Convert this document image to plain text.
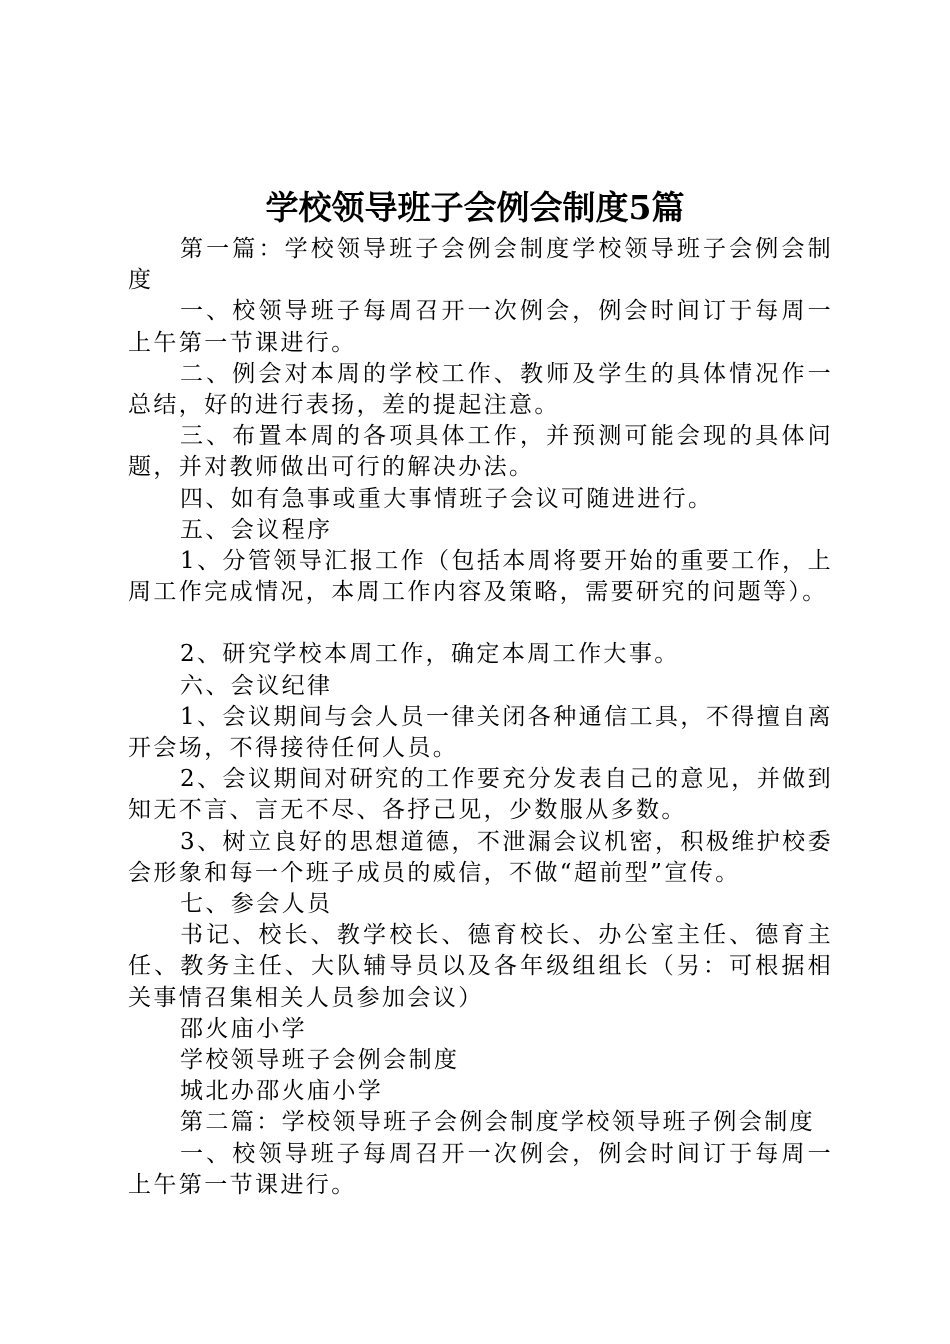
学校领导班子会例会制度5篇

第一篇：学校领导班子会例会制度学校领导班子会例会制度

一、校领导班子每周召开一次例会，例会时间订于每周一上午第一节课进行。

二、例会对本周的学校工作、教师及学生的具体情况作一总结，好的进行表扬，差的提起注意。

三、布置本周的各项具体工作，并预测可能会现的具体问题，并对教师做出可行的解决办法。

四、如有急事或重大事情班子会议可随进进行。

五、会议程序

1、分管领导汇报工作（包括本周将要开始的重要工作，上周工作完成情况，本周工作内容及策略，需要研究的问题等）。

2、研究学校本周工作，确定本周工作大事。

六、会议纪律

1、会议期间与会人员一律关闭各种通信工具，不得擅自离开会场，不得接待任何人员。

2、会议期间对研究的工作要充分发表自己的意见，并做到知无不言、言无不尽、各抒己见，少数服从多数。

3、树立良好的思想道德，不泄漏会议机密，积极维护校委会形象和每一个班子成员的威信，不做“超前型”宣传。

七、参会人员

书记、校长、教学校长、德育校长、办公室主任、德育主任、教务主任、大队辅导员以及各年级组组长（另：可根据相关事情召集相关人员参加会议）

邵火庙小学

学校领导班子会例会制度

城北办邵火庙小学

第二篇：学校领导班子会例会制度学校领导班子例会制度

一、校领导班子每周召开一次例会，例会时间订于每周一上午第一节课进行。
